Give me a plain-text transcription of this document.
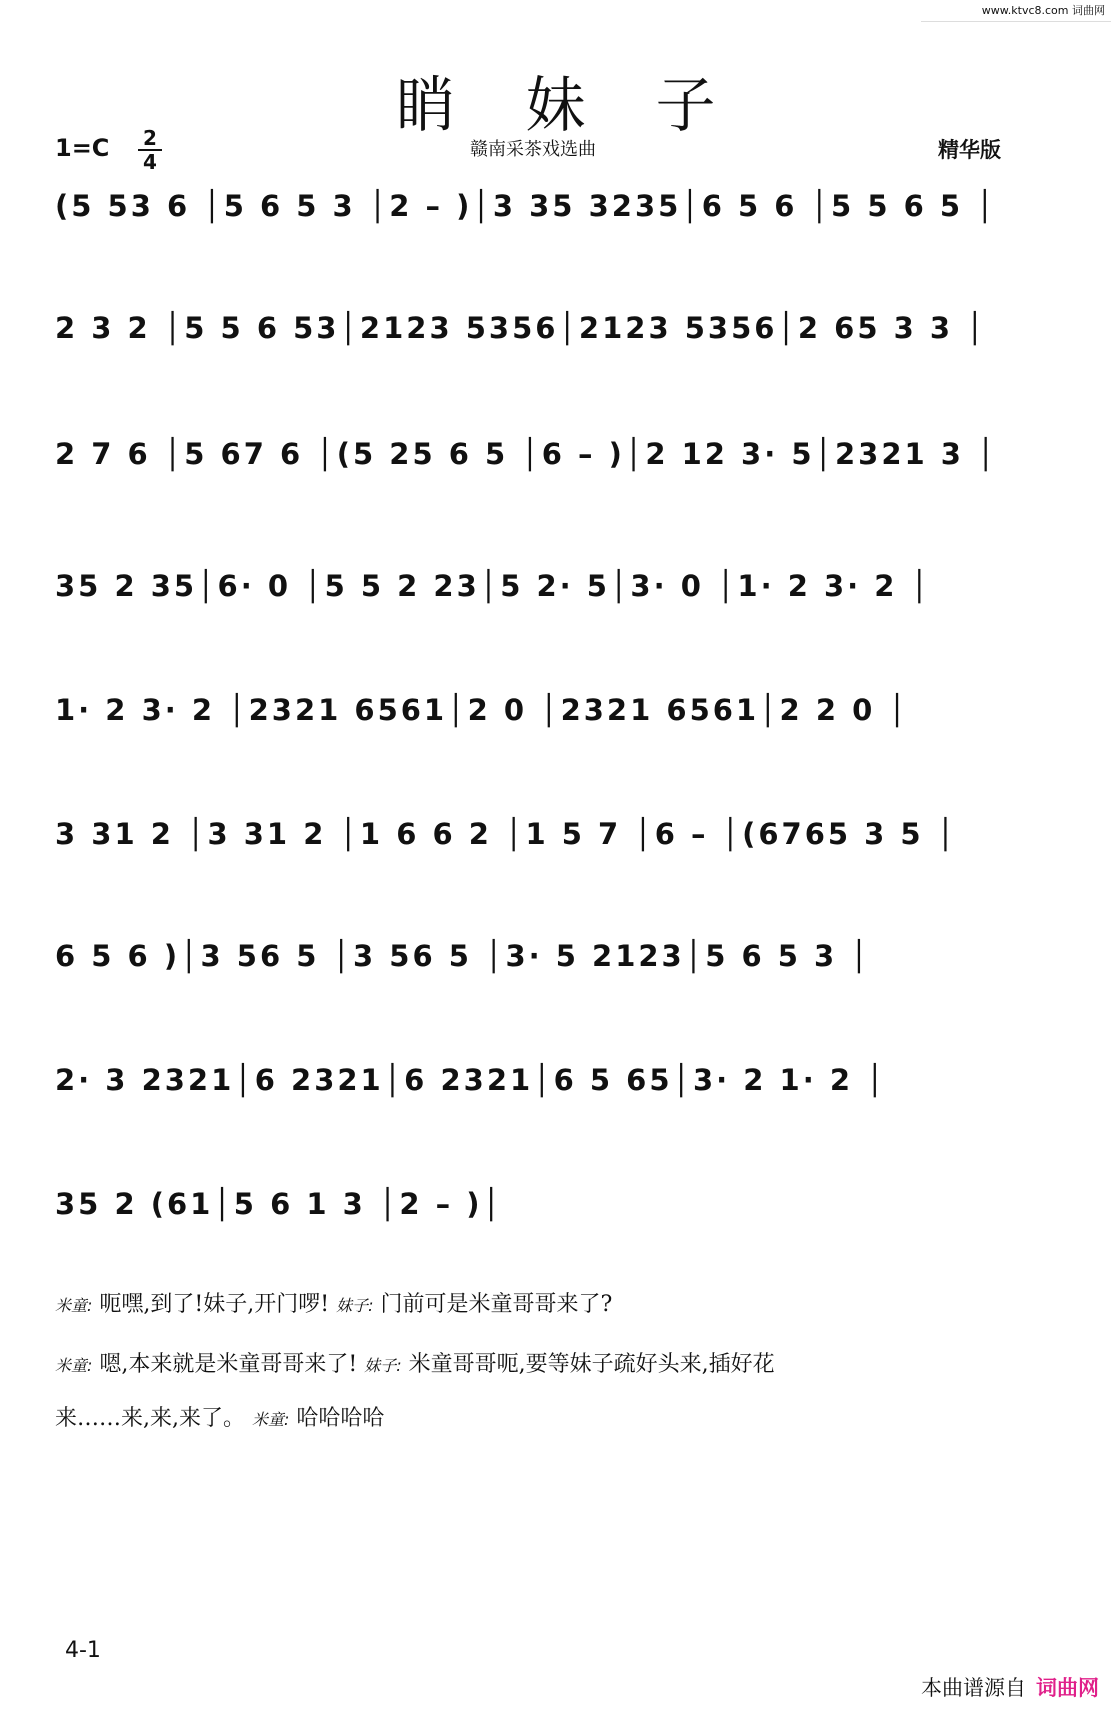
www.ktvc8.com 词曲网
睄妹子
1=C 2
4
赣南采茶戏选曲	精华版
(5 53 6 │5 6 5 3 │2 – )│3 35 3235│6 5 6 │5 5 6 5 │

2 3 2 │5 5 6 53│2123 5356│2123 5356│2 65 3 3 │

2 7 6 │5 67 6 │(5 25 6 5 │6 – )│2 12 3· 5│2321 3 │

35 2 35│6· 0 │5 5 2 23│5 2· 5│3· 0 │1· 2 3· 2 │

1· 2 3· 2 │2321 6561│2 0 │2321 6561│2 2 0 │

3 31 2 │3 31 2 │1 6 6 2 │1 5 7 │6 – │(6765 3 5 │

6 5 6 )│3 56 5 │3 56 5 │3· 5 2123│5 6 5 3 │

2· 3 2321│6 2321│6 2321│6 5 65│3· 2 1· 2 │

35 2 (61│5 6 1 3 │2 – )│

米童: 呃嘿,到了!妹子,开门啰! 妹子: 门前可是米童哥哥来了?
米童: 嗯,本来就是米童哥哥来了! 妹子: 米童哥哥呃,要等妹子疏好头来,插好花
来……来,来,来了。 米童: 哈哈哈哈
4-1
本曲谱源自 词曲网
